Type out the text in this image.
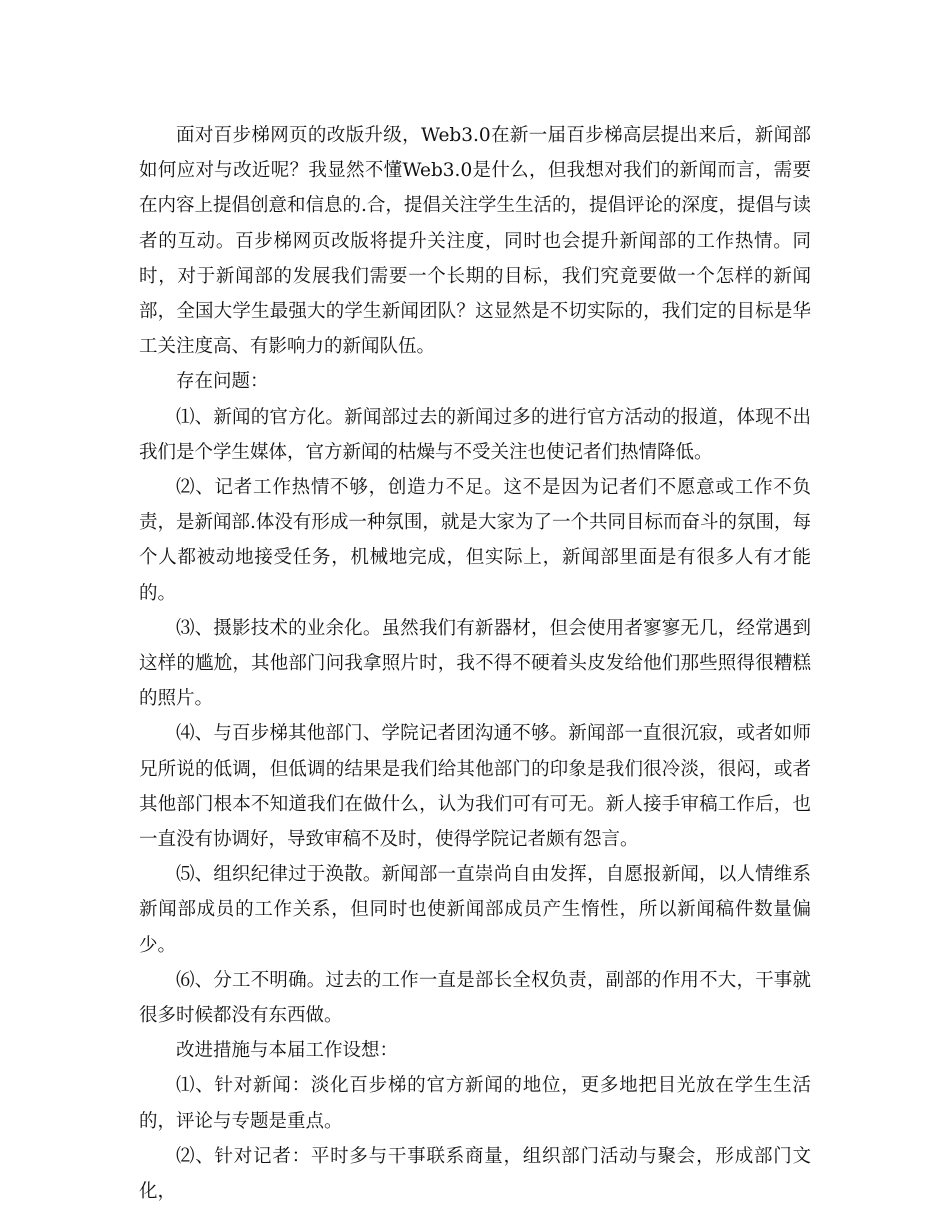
面对百步梯网页的改版升级，Web3.0在新一届百步梯高层提出来后，新闻部如何应对与改近呢？我显然不懂Web3.0是什么，但我想对我们的新闻而言，需要在内容上提倡创意和信息的.合，提倡关注学生生活的，提倡评论的深度，提倡与读者的互动。百步梯网页改版将提升关注度，同时也会提升新闻部的工作热情。同时，对于新闻部的发展我们需要一个长期的目标，我们究竟要做一个怎样的新闻部，全国大学生最强大的学生新闻团队？这显然是不切实际的，我们定的目标是华工关注度高、有影响力的新闻队伍。

存在问题：

⑴、新闻的官方化。新闻部过去的新闻过多的进行官方活动的报道，体现不出我们是个学生媒体，官方新闻的枯燥与不受关注也使记者们热情降低。

⑵、记者工作热情不够，创造力不足。这不是因为记者们不愿意或工作不负责，是新闻部.体没有形成一种氛围，就是大家为了一个共同目标而奋斗的氛围，每个人都被动地接受任务，机械地完成，但实际上，新闻部里面是有很多人有才能的。

⑶、摄影技术的业余化。虽然我们有新器材，但会使用者寥寥无几，经常遇到这样的尴尬，其他部门问我拿照片时，我不得不硬着头皮发给他们那些照得很糟糕的照片。

⑷、与百步梯其他部门、学院记者团沟通不够。新闻部一直很沉寂，或者如师兄所说的低调，但低调的结果是我们给其他部门的印象是我们很冷淡，很闷，或者其他部门根本不知道我们在做什么，认为我们可有可无。新人接手审稿工作后，也一直没有协调好，导致审稿不及时，使得学院记者颇有怨言。

⑸、组织纪律过于涣散。新闻部一直崇尚自由发挥，自愿报新闻，以人情维系新闻部成员的工作关系，但同时也使新闻部成员产生惰性，所以新闻稿件数量偏少。

⑹、分工不明确。过去的工作一直是部长全权负责，副部的作用不大，干事就很多时候都没有东西做。

改进措施与本届工作设想：

⑴、针对新闻：淡化百步梯的官方新闻的地位，更多地把目光放在学生生活的，评论与专题是重点。

⑵、针对记者：平时多与干事联系商量，组织部门活动与聚会，形成部门文化，
